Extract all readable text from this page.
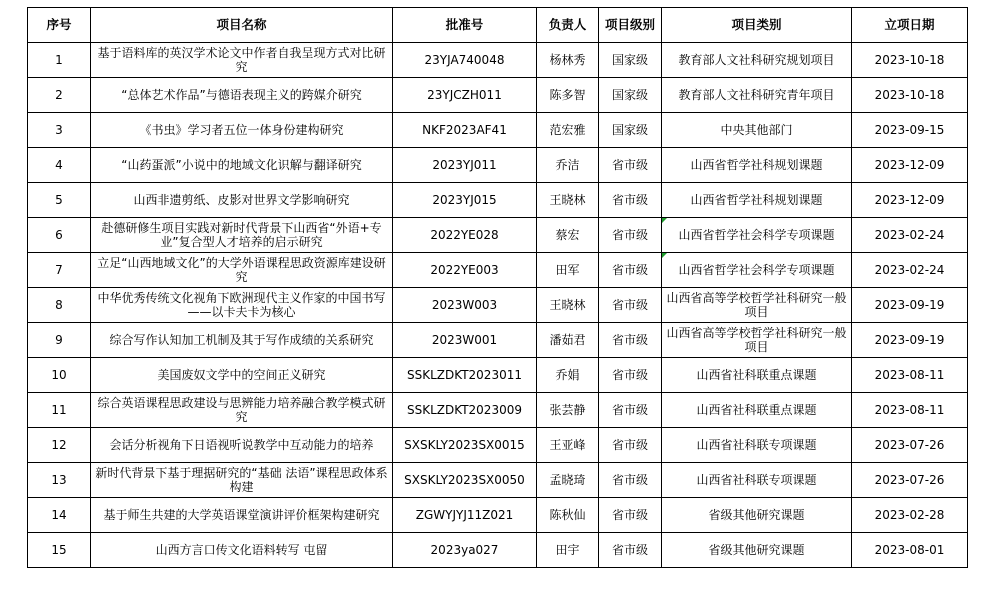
序号	项目名称	批准号	负责人	项目级别	项目类别	立项日期
1	基于语料库的英汉学术论文中作者自我呈现方式对比研究	23YJA740048	杨林秀	国家级	教育部人文社科研究规划项目	2023-10-18
2	“总体艺术作品”与德语表现主义的跨媒介研究	23YJCZH011	陈多智	国家级	教育部人文社科研究青年项目	2023-10-18
3	《书虫》学习者五位一体身份建构研究	NKF2023AF41	范宏雅	国家级	中央其他部门	2023-09-15
4	“山药蛋派”小说中的地域文化识解与翻译研究	2023YJ011	乔洁	省市级	山西省哲学社科规划课题	2023-12-09
5	山西非遗剪纸、皮影对世界文学影响研究	2023YJ015	王晓林	省市级	山西省哲学社科规划课题	2023-12-09
6	赴德研修生项目实践对新时代背景下山西省“外语+专业”复合型人才培养的启示研究	2022YE028	蔡宏	省市级	山西省哲学社会科学专项课题	2023-02-24
7	立足“山西地域文化”的大学外语课程思政资源库建设研究	2022YE003	田军	省市级	山西省哲学社会科学专项课题	2023-02-24
8	中华优秀传统文化视角下欧洲现代主义作家的中国书写 ——以卡夫卡为核心	2023W003	王晓林	省市级	山西省高等学校哲学社科研究一般项目	2023-09-19
9	综合写作认知加工机制及其于写作成绩的关系研究	2023W001	潘茹君	省市级	山西省高等学校哲学社科研究一般项目	2023-09-19
10	美国废奴文学中的空间正义研究	SSKLZDKT2023011	乔娟	省市级	山西省社科联重点课题	2023-08-11
11	综合英语课程思政建设与思辨能力培养融合教学模式研究	SSKLZDKT2023009	张芸静	省市级	山西省社科联重点课题	2023-08-11
12	会话分析视角下日语视听说教学中互动能力的培养	SXSKLY2023SX0015	王亚峰	省市级	山西省社科联专项课题	2023-07-26
13	新时代背景下基于理据研究的“基础 法语”课程思政体系构建	SXSKLY2023SX0050	孟晓琦	省市级	山西省社科联专项课题	2023-07-26
14	基于师生共建的大学英语课堂演讲评价框架构建研究	ZGWYJYJ11Z021	陈秋仙	省市级	省级其他研究课题	2023-02-28
15	山西方言口传文化语料转写 屯留	2023ya027	田宇	省市级	省级其他研究课题	2023-08-01
